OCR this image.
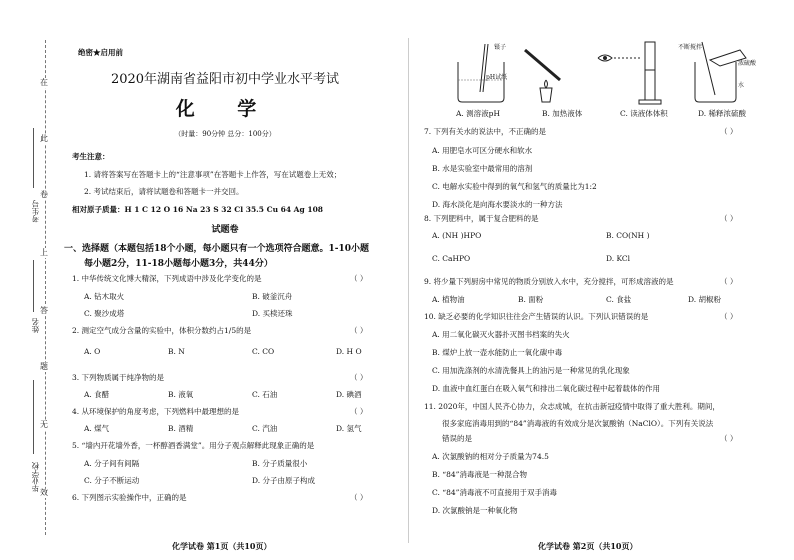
在
此
卷
上
答
题
无
效
考生号
姓名
毕业学校
绝密★启用前
2020年湖南省益阳市初中学业水平考试
化 学
（时量：90分钟 总分：100分）
考生注意：
1. 请将答案写在答题卡上的“注意事项”在答题卡上作答，写在试题卷上无效；
2. 考试结束后，请将试题卷和答题卡一并交回。
相对原子质量：H 1 C 12 O 16 Na 23 S 32 Cl 35.5 Cu 64 Ag 108
试题卷
一、选择题（本题包括18个小题，每小题只有一个选项符合题意。1-10小题
每小题2分，11-18小题每小题3分，共44分）
1. 中华传统文化博大精深，下列成语中涉及化学变化的是	（ ）
A. 钻木取火	B. 破釜沉舟
C. 聚沙成塔	D. 买椟还珠
2. 测定空气成分含量的实验中，体积分数约占1/5的是	（ ）
A. O	B. N	C. CO	D. H O
3. 下列物质属于纯净物的是	（ ）
A. 食醋	B. 液氧	C. 石油	D. 碘酒
4. 从环境保护的角度考虑，下列燃料中最理想的是	（ ）
A. 煤气	B. 酒精	C. 汽油	D. 氢气
5. “墙内开花墙外香，一杯醇酒香满堂”。用分子观点解释此现象正确的是
A. 分子间有间隔	B. 分子质量很小
C. 分子不断运动	D. 分子由原子构成
6. 下列图示实验操作中，正确的是	（ ）
化学试卷 第1页（共10页）
镊子
pH试纸
不断搅拌
浓硫酸
水
A. 测溶液pH	B. 加热液体	C. 读液体体积	D. 稀释浓硫酸
7. 下列有关水的说法中，不正确的是	（ ）
A. 用肥皂水可区分硬水和软水
B. 水是实验室中最常用的溶剂
C. 电解水实验中得到的氧气和氢气的质量比为1:2
D. 海水淡化是向海水要淡水的一种方法
8. 下列肥料中，属于复合肥料的是	（ ）
A. (NH )HPO	B. CO(NH )
C. CaHPO	D. KCl
9. 将少量下列厨房中常见的物质分别放入水中，充分搅拌，可形成溶液的是	（ ）
A. 植物油	B. 面粉	C. 食盐	D. 胡椒粉
10. 缺乏必要的化学知识往往会产生错误的认识。下列认识错误的是	（ ）
A. 用二氧化碳灭火器扑灭图书档案的失火
B. 煤炉上放一壶水能防止一氧化碳中毒
C. 用加洗涤剂的水清洗餐具上的油污是一种常见的乳化现象
D. 血液中血红蛋白在吸入氧气和排出二氧化碳过程中起着载体的作用
11. 2020年，中国人民齐心协力，众志成城，在抗击新冠疫情中取得了重大胜利。期间，
很多家庭消毒用到的“84”消毒液的有效成分是次氯酸钠（NaClO）。下列有关说法
错误的是	（ ）
A. 次氯酸钠的相对分子质量为74.5
B. “84”消毒液是一种混合物
C. “84”消毒液不可直接用于双手消毒
D. 次氯酸钠是一种氧化物
化学试卷 第2页（共10页）
